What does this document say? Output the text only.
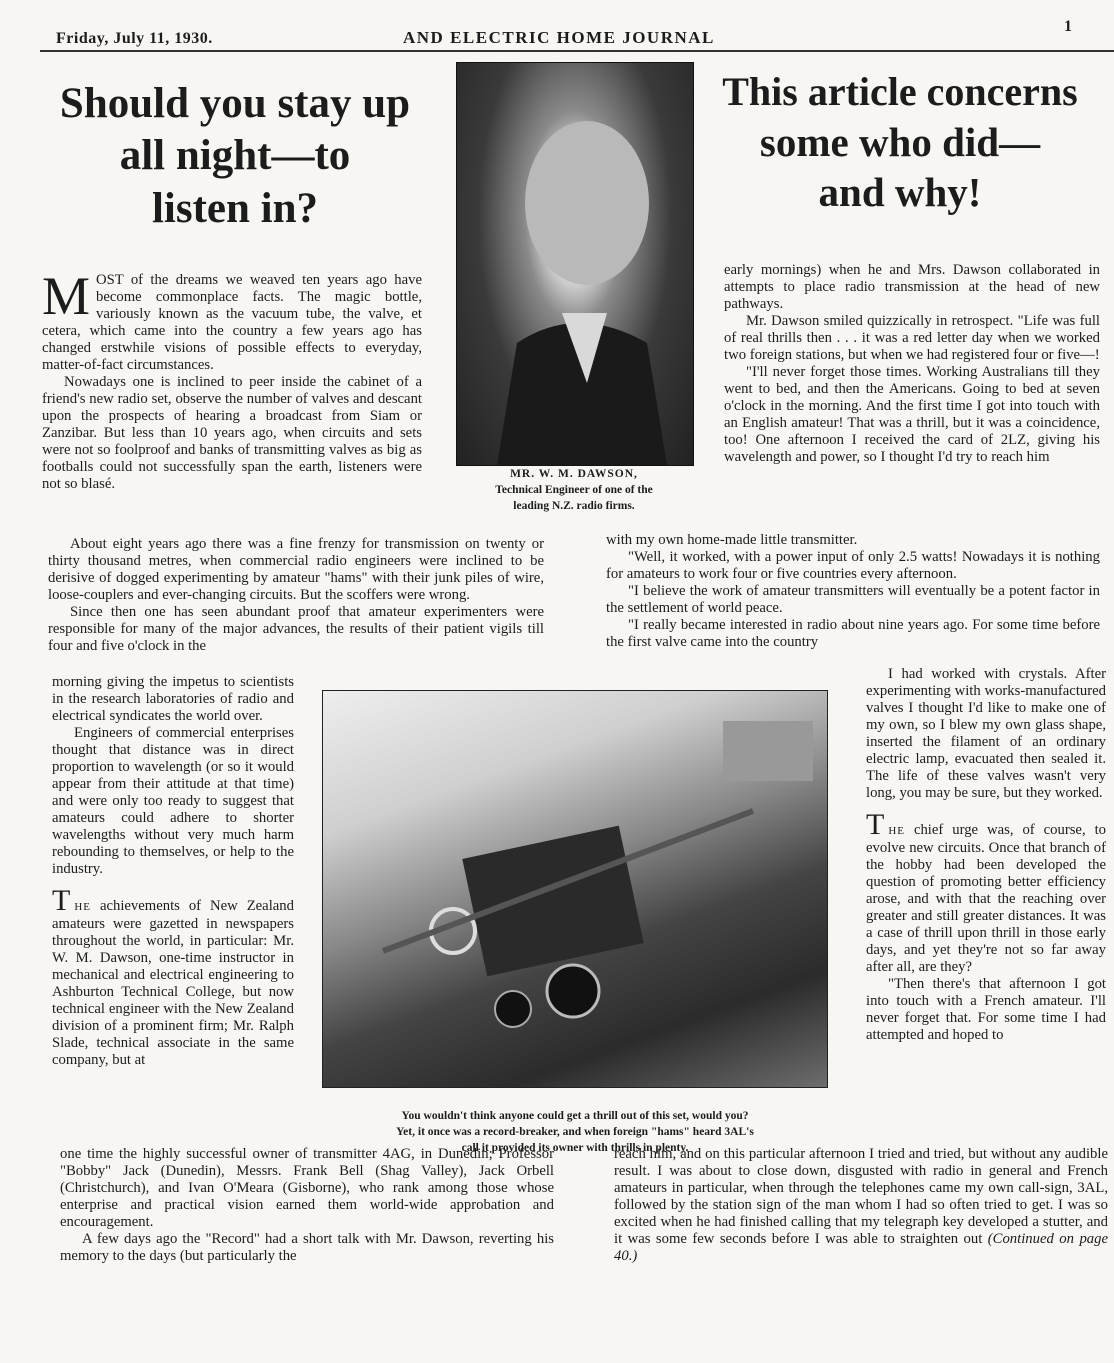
Friday, July 11, 1930.	AND ELECTRIC HOME JOURNAL
1
Should you stay up
all night—to
listen in?
This article concerns
some who did—
and why!
MR. W. M. DAWSON,
Technical Engineer of one of the
leading N.Z. radio firms.

MOST of the dreams we weaved ten years ago have become commonplace facts. The magic bottle, variously known as the vacuum tube, the valve, et cetera, which came into the country a few years ago has changed erstwhile visions of possible effects to everyday, matter-of-fact circumstances.

Nowadays one is inclined to peer inside the cabinet of a friend's new radio set, observe the number of valves and descant upon the prospects of hearing a broadcast from Siam or Zanzibar. But less than 10 years ago, when circuits and sets were not so foolproof and banks of transmitting valves as big as footballs could not successfully span the earth, listeners were not so blasé.

About eight years ago there was a fine frenzy for transmission on twenty or thirty thousand metres, when commercial radio engineers were inclined to be derisive of dogged experimenting by amateur "hams" with their junk piles of wire, loose-couplers and ever-changing circuits. But the scoffers were wrong.

Since then one has seen abundant proof that amateur experimenters were responsible for many of the major advances, the results of their patient vigils till four and five o'clock in the

morning giving the impetus to scientists in the research laboratories of radio and electrical syndicates the world over.

Engineers of commercial enterprises thought that distance was in direct proportion to wavelength (or so it would appear from their attitude at that time) and were only too ready to suggest that amateurs could adhere to shorter wavelengths without very much harm rebounding to themselves, or help to the industry.

THE achievements of New Zealand amateurs were gazetted in newspapers throughout the world, in particular: Mr. W. M. Dawson, one-time instructor in mechanical and electrical engineering to Ashburton Technical College, but now technical engineer with the New Zealand division of a prominent firm; Mr. Ralph Slade, technical associate in the same company, but at

You wouldn't think anyone could get a thrill out of this set, would you?
Yet, it once was a record-breaker, and when foreign "hams" heard 3AL's
call it provided its owner with thrills in plenty.

one time the highly successful owner of transmitter 4AG, in Dunedin; Professor "Bobby" Jack (Dunedin), Messrs. Frank Bell (Shag Valley), Jack Orbell (Christchurch), and Ivan O'Meara (Gisborne), who rank among those whose enterprise and practical vision earned them world-wide approbation and encouragement.

A few days ago the "Record" had a short talk with Mr. Dawson, reverting his memory to the days (but particularly the

early mornings) when he and Mrs. Dawson collaborated in attempts to place radio transmission at the head of new pathways.

Mr. Dawson smiled quizzically in retrospect. "Life was full of real thrills then . . . it was a red letter day when we worked two foreign stations, but when we had registered four or five—!

"I'll never forget those times. Working Australians till they went to bed, and then the Americans. Going to bed at seven o'clock in the morning. And the first time I got into touch with an English amateur! That was a thrill, but it was a coincidence, too! One afternoon I received the card of 2LZ, giving his wavelength and power, so I thought I'd try to reach him

with my own home-made little transmitter.

"Well, it worked, with a power input of only 2.5 watts! Nowadays it is nothing for amateurs to work four or five countries every afternoon.

"I believe the work of amateur transmitters will eventually be a potent factor in the settlement of world peace.

"I really became interested in radio about nine years ago. For some time before the first valve came into the country

I had worked with crystals. After experimenting with works-manufactured valves I thought I'd like to make one of my own, so I blew my own glass shape, inserted the filament of an ordinary electric lamp, evacuated then sealed it. The life of these valves wasn't very long, you may be sure, but they worked.

THE chief urge was, of course, to evolve new circuits. Once that branch of the hobby had been developed the question of promoting better efficiency arose, and with that the reaching over greater and still greater distances. It was a case of thrill upon thrill in those early days, and yet they're not so far away after all, are they?

"Then there's that afternoon I got into touch with a French amateur. I'll never forget that. For some time I had attempted and hoped to

reach him, and on this particular afternoon I tried and tried, but without any audible result. I was about to close down, disgusted with radio in general and French amateurs in particular, when through the telephones came my own call-sign, 3AL, followed by the station sign of the man whom I had so often tried to get. I was so excited when he had finished calling that my telegraph key developed a stutter, and it was some few seconds before I was able to straighten out (Continued on page 40.)
